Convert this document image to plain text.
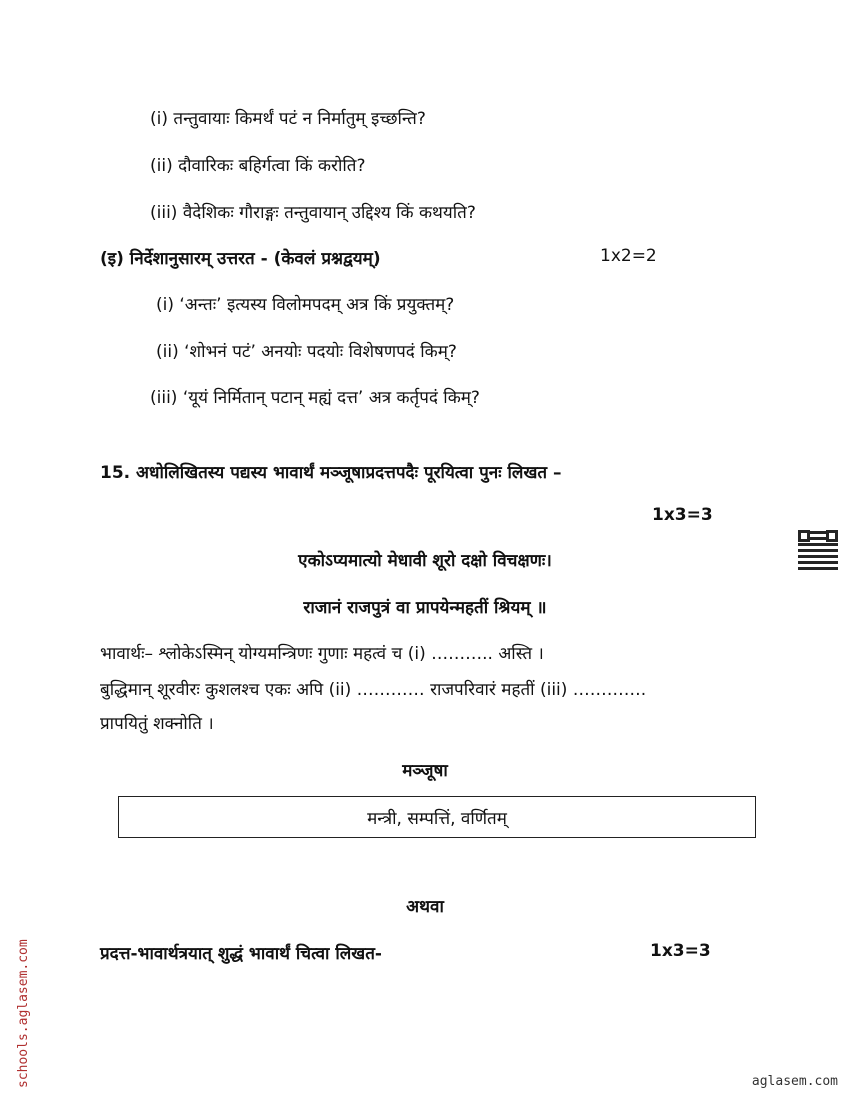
(i) तन्तुवायाः किमर्थं पटं न निर्मातुम् इच्छन्ति?
(ii) दौवारिकः बहिर्गत्वा किं करोति?
(iii) वैदेशिकः गौराङ्गः तन्तुवायान् उद्दिश्य किं कथयति?
(इ) निर्देशानुसारम् उत्तरत - (केवलं प्रश्नद्वयम्)	1x2=2
(i) ‘अन्तः’ इत्यस्य विलोमपदम् अत्र किं प्रयुक्तम्?
(ii) ‘शोभनं पटं’ अनयोः पदयोः विशेषणपदं किम्?
(iii) ‘यूयं निर्मितान् पटान् मह्यं दत्त’ अत्र कर्तृपदं किम्?
15. अधोलिखितस्य पद्यस्य भावार्थं मञ्जूषाप्रदत्तपदैः पूरयित्वा पुनः लिखत –
1x3=3
एकोऽप्यमात्यो मेधावी शूरो दक्षो विचक्षणः।
राजानं राजपुत्रं वा प्रापयेन्महतीं श्रियम् ॥
भावार्थः– श्लोकेऽस्मिन् योग्यमन्त्रिणः गुणाः महत्वं च (i) ……….. अस्ति ।
बुद्धिमान् शूरवीरः कुशलश्च एकः अपि (ii) ………… राजपरिवारं महतीं (iii) ………….
प्रापयितुं शक्नोति ।
मञ्जूषा
मन्त्री, सम्पत्तिं, वर्णितम्
अथवा
प्रदत्त-भावार्थत्रयात् शुद्धं भावार्थं चित्वा लिखत-	1x3=3
schools.aglasem.com	aglasem.com
